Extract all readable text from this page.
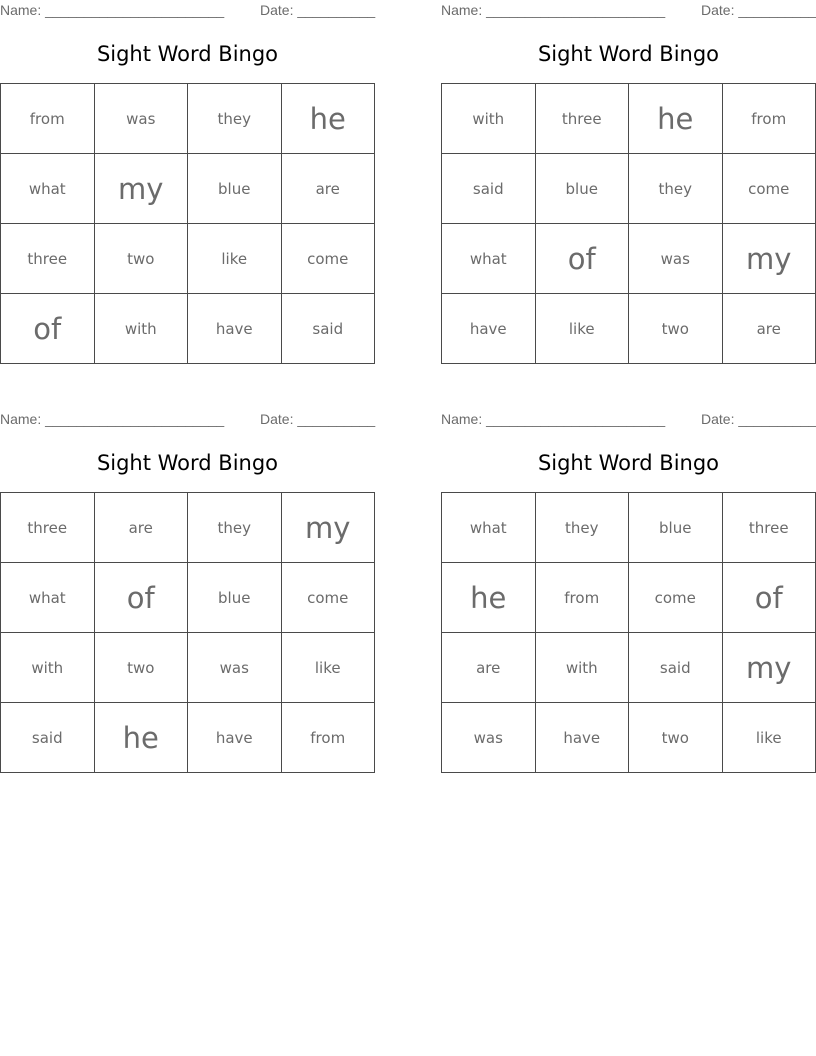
Name: _______________________	Date: __________
Sight Word Bingo
from	was	they	he
what	my	blue	are
three	two	like	come
of	with	have	said
Name: _______________________	Date: __________
Sight Word Bingo
with	three	he	from
said	blue	they	come
what	of	was	my
have	like	two	are
Name: _______________________	Date: __________
Sight Word Bingo
three	are	they	my
what	of	blue	come
with	two	was	like
said	he	have	from
Name: _______________________	Date: __________
Sight Word Bingo
what	they	blue	three
he	from	come	of
are	with	said	my
was	have	two	like
